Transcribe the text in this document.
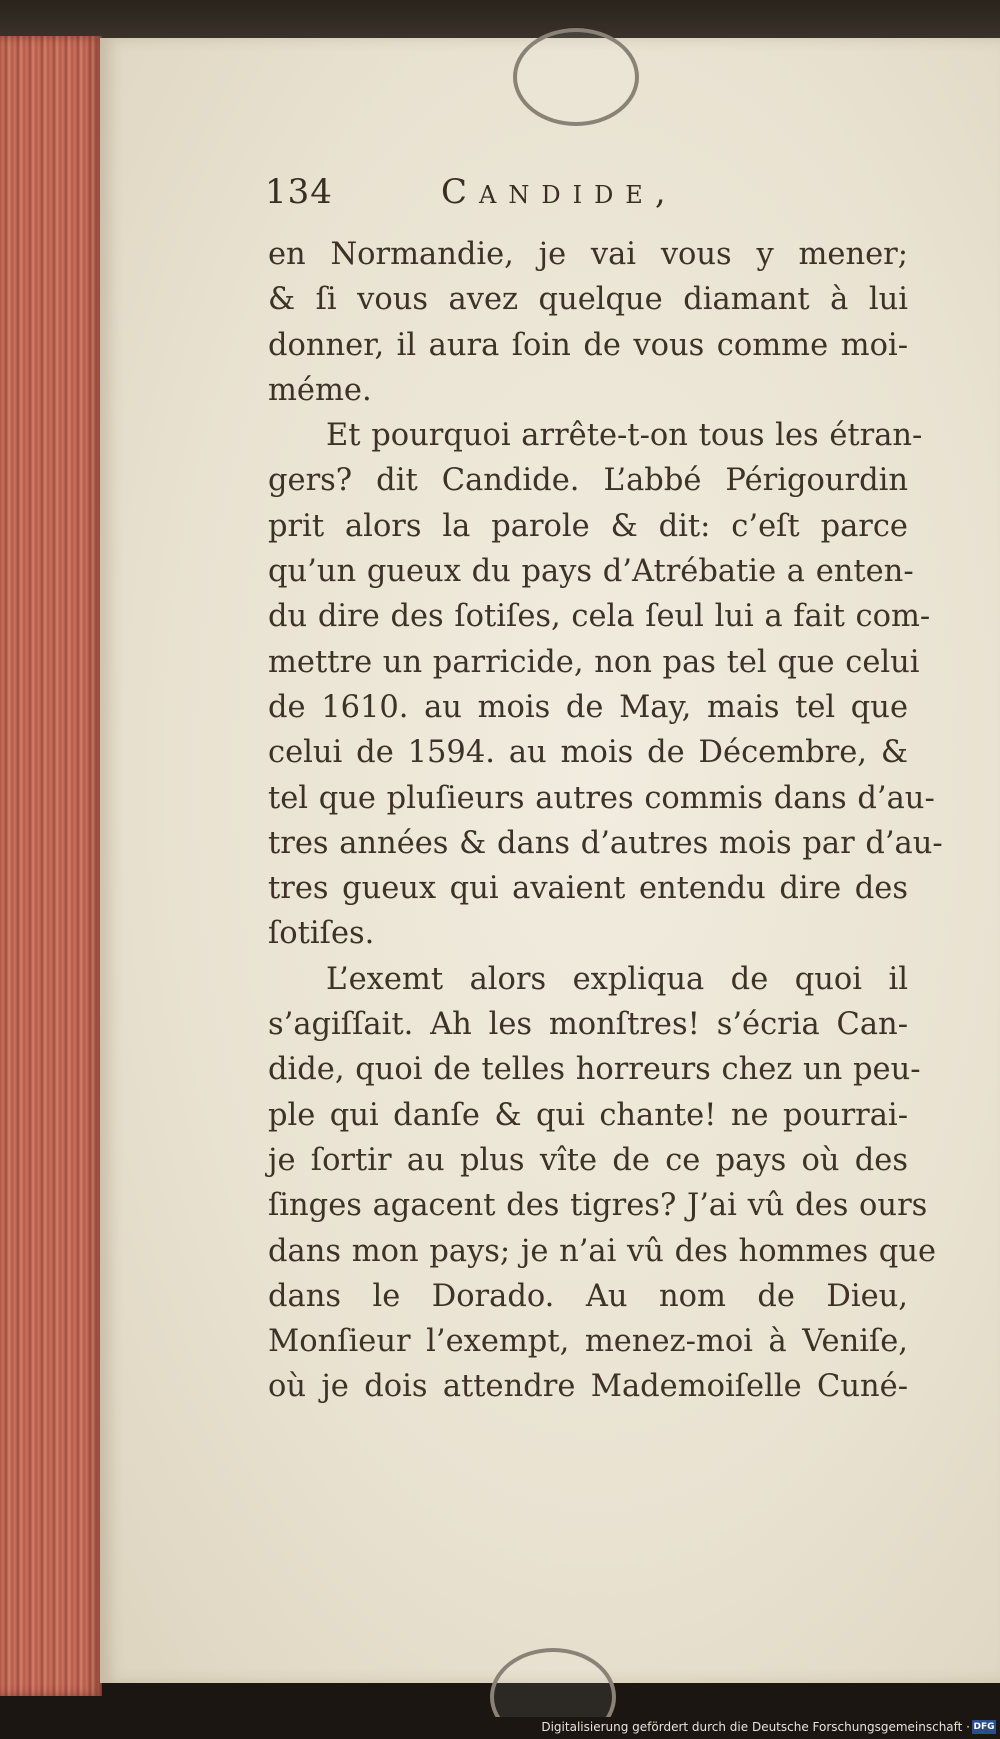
134	Candide,
en Normandie, je vai vous y mener;
& ſi vous avez quelque diamant à lui
donner, il aura ſoin de vous comme moi-
méme.
Et pourquoi arrête-t-on tous les étran-
gers? dit Candide. L’abbé Périgourdin
prit alors la parole & dit: c’eſt parce
qu’un gueux du pays d’Atrébatie a enten-
du dire des ſotiſes, cela ſeul lui a fait com-
mettre un parricide, non pas tel que celui
de 1610. au mois de May, mais tel que
celui de 1594. au mois de Décembre, &
tel que pluſieurs autres commis dans d’au-
tres années & dans d’autres mois par d’au-
tres gueux qui avaient entendu dire des
ſotiſes.
L’exemt alors expliqua de quoi il
s’agiſſait. Ah les monſtres! s’écria Can-
dide, quoi de telles horreurs chez un peu-
ple qui danſe & qui chante! ne pourrai-
je ſortir au plus vîte de ce pays où des
ſinges agacent des tigres? J’ai vû des ours
dans mon pays; je n’ai vû des hommes que
dans le Dorado. Au nom de Dieu,
Monſieur l’exempt, menez-moi à Veniſe,
où je dois attendre Mademoiſelle Cuné-
Digitalisierung gefördert durch die Deutsche Forschungsgemeinschaft · DFG
